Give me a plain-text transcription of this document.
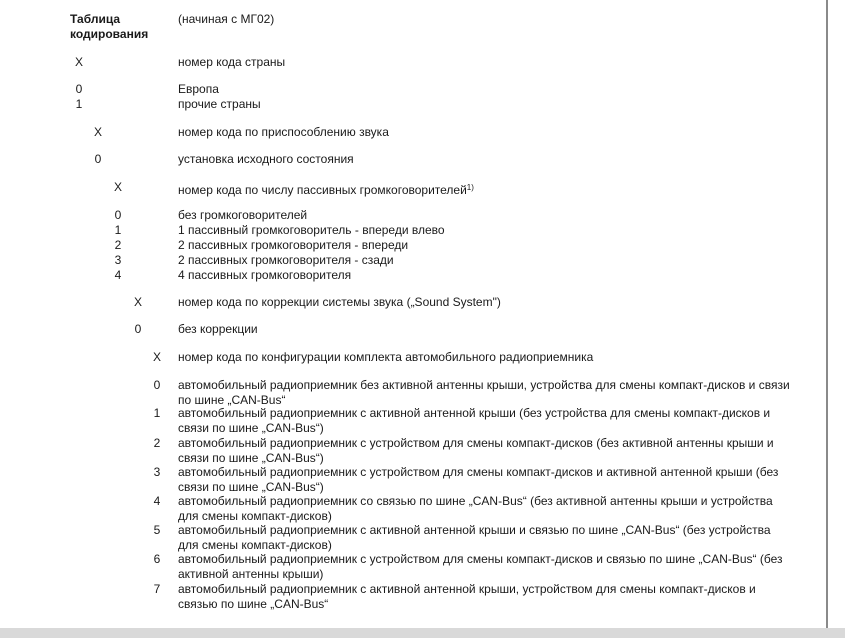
Таблица
кодирования
(начиная с МГ02)
X	номер кода страны
0	Европа
1	прочие страны
X	номер кода по приспособлению звука
0	установка исходного состояния
X	номер кода по числу пассивных громкоговорителей$^{1)}$
0	без громкоговорителей
1	1 пассивный громкоговоритель - впереди влево
2	2 пассивных громкоговорителя - впереди
3	2 пассивных громкоговорителя - сзади
4	4 пассивных громкоговорителя
X	номер кода по коррекции системы звука („Sound System")
0	без коррекции
X номер кода по конфигурации комплекта автомобильного радиоприемника
0	автомобильный радиоприемник без активной антенны крыши, устройства для смены компакт-дисков и связи по шине „CAN-Bus“
1	автомобильный радиоприемник с активной антенной крыши (без устройства для смены компакт-дисков и связи по шине „CAN-Bus“)
2	автомобильный радиоприемник с устройством для смены компакт-дисков (без активной антенны крыши и связи по шине „CAN-Bus“)
3	автомобильный радиоприемник с устройством для смены компакт-дисков и активной антенной крыши (без связи по шине „CAN-Bus“)
4	автомобильный радиоприемник со связью по шине „CAN-Bus“ (без активной антенны крыши и устройства для смены компакт-дисков)
5	автомобильный радиоприемник с активной антенной крыши и связью по шине „CAN-Bus“ (без устройства для смены компакт-дисков)
6	автомобильный радиоприемник с устройством для смены компакт-дисков и связью по шине „CAN-Bus“ (без активной антенны крыши)
7	автомобильный радиоприемник с активной антенной крыши, устройством для смены компакт-дисков и связью по шине „CAN-Bus“
